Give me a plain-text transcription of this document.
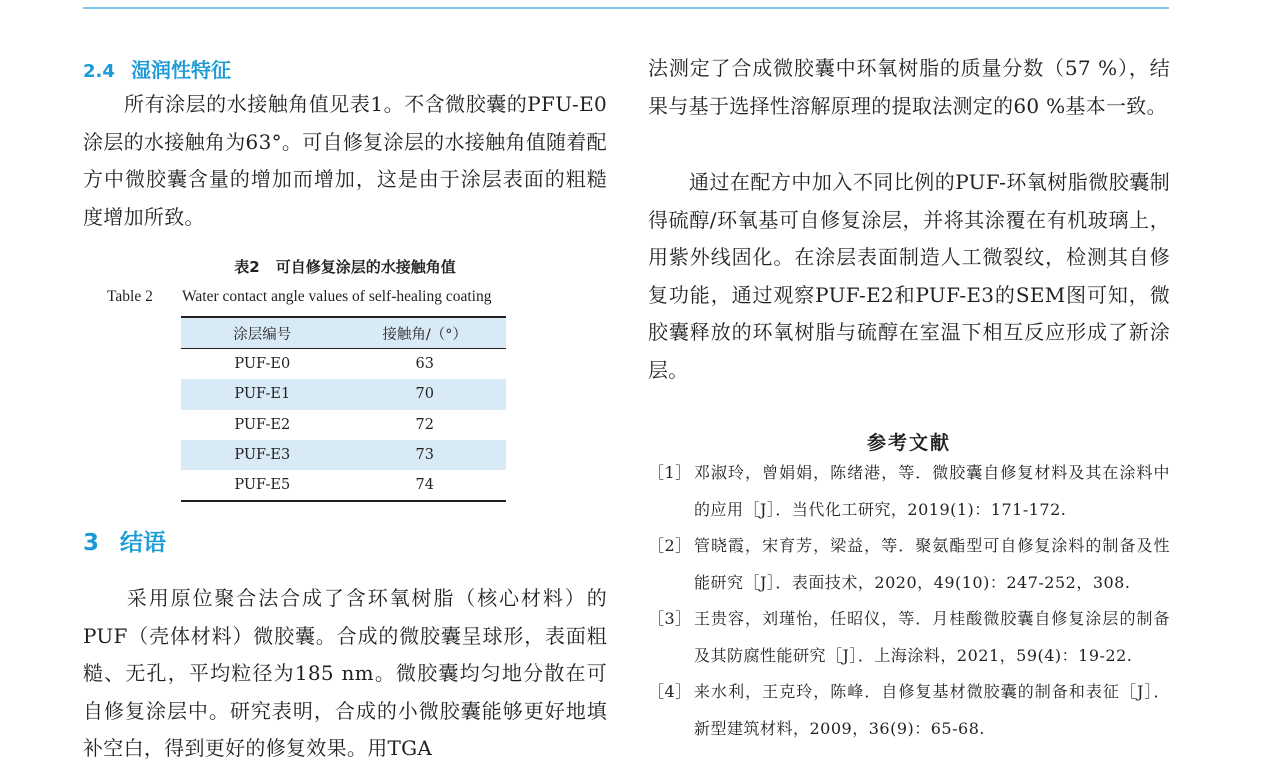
2.4 湿润性特征

　　所有涂层的水接触角值见表1。不含微胶囊的PFU-E0涂层的水接触角为63°。可自修复涂层的水接触角值随着配方中微胶囊含量的增加而增加，这是由于涂层表面的粗糙度增加所致。

表2 可自修复涂层的水接触角值
Table 2 Water contact angle values of self-healing coating
涂层编号	接触角/（°）
PUF-E0	63
PUF-E1	70
PUF-E2	72
PUF-E3	73
PUF-E5	74
3 结语

　　采用原位聚合法合成了含环氧树脂（核心材料）的PUF（壳体材料）微胶囊。合成的微胶囊呈球形，表面粗糙、无孔，平均粒径为185 nm。微胶囊均匀地分散在可自修复涂层中。研究表明，合成的小微胶囊能够更好地填补空白，得到更好的修复效果。用TGA

法测定了合成微胶囊中环氧树脂的质量分数（57 %），结果与基于选择性溶解原理的提取法测定的60 %基本一致。

　　通过在配方中加入不同比例的PUF-环氧树脂微胶囊制得硫醇/环氧基可自修复涂层，并将其涂覆在有机玻璃上，用紫外线固化。在涂层表面制造人工微裂纹，检测其自修复功能，通过观察PUF-E2和PUF-E3的SEM图可知，微胶囊释放的环氧树脂与硫醇在室温下相互反应形成了新涂层。

参考文献
［1］ 邓淑玲，曾娟娟，陈绪港，等．微胶囊自修复材料及其在涂料中的应用［J］．当代化工研究，2019(1)：171-172.
［2］ 管晓霞，宋育芳，梁益，等．聚氨酯型可自修复涂料的制备及性能研究［J］．表面技术，2020，49(10)：247-252，308.
［3］ 王贵容，刘瑾怡，任昭仪，等．月桂酸微胶囊自修复涂层的制备及其防腐性能研究［J］．上海涂料，2021，59(4)：19-22.
［4］ 来水利，王克玲，陈峰．自修复基材微胶囊的制备和表征［J］．新型建筑材料，2009，36(9)：65-68.
